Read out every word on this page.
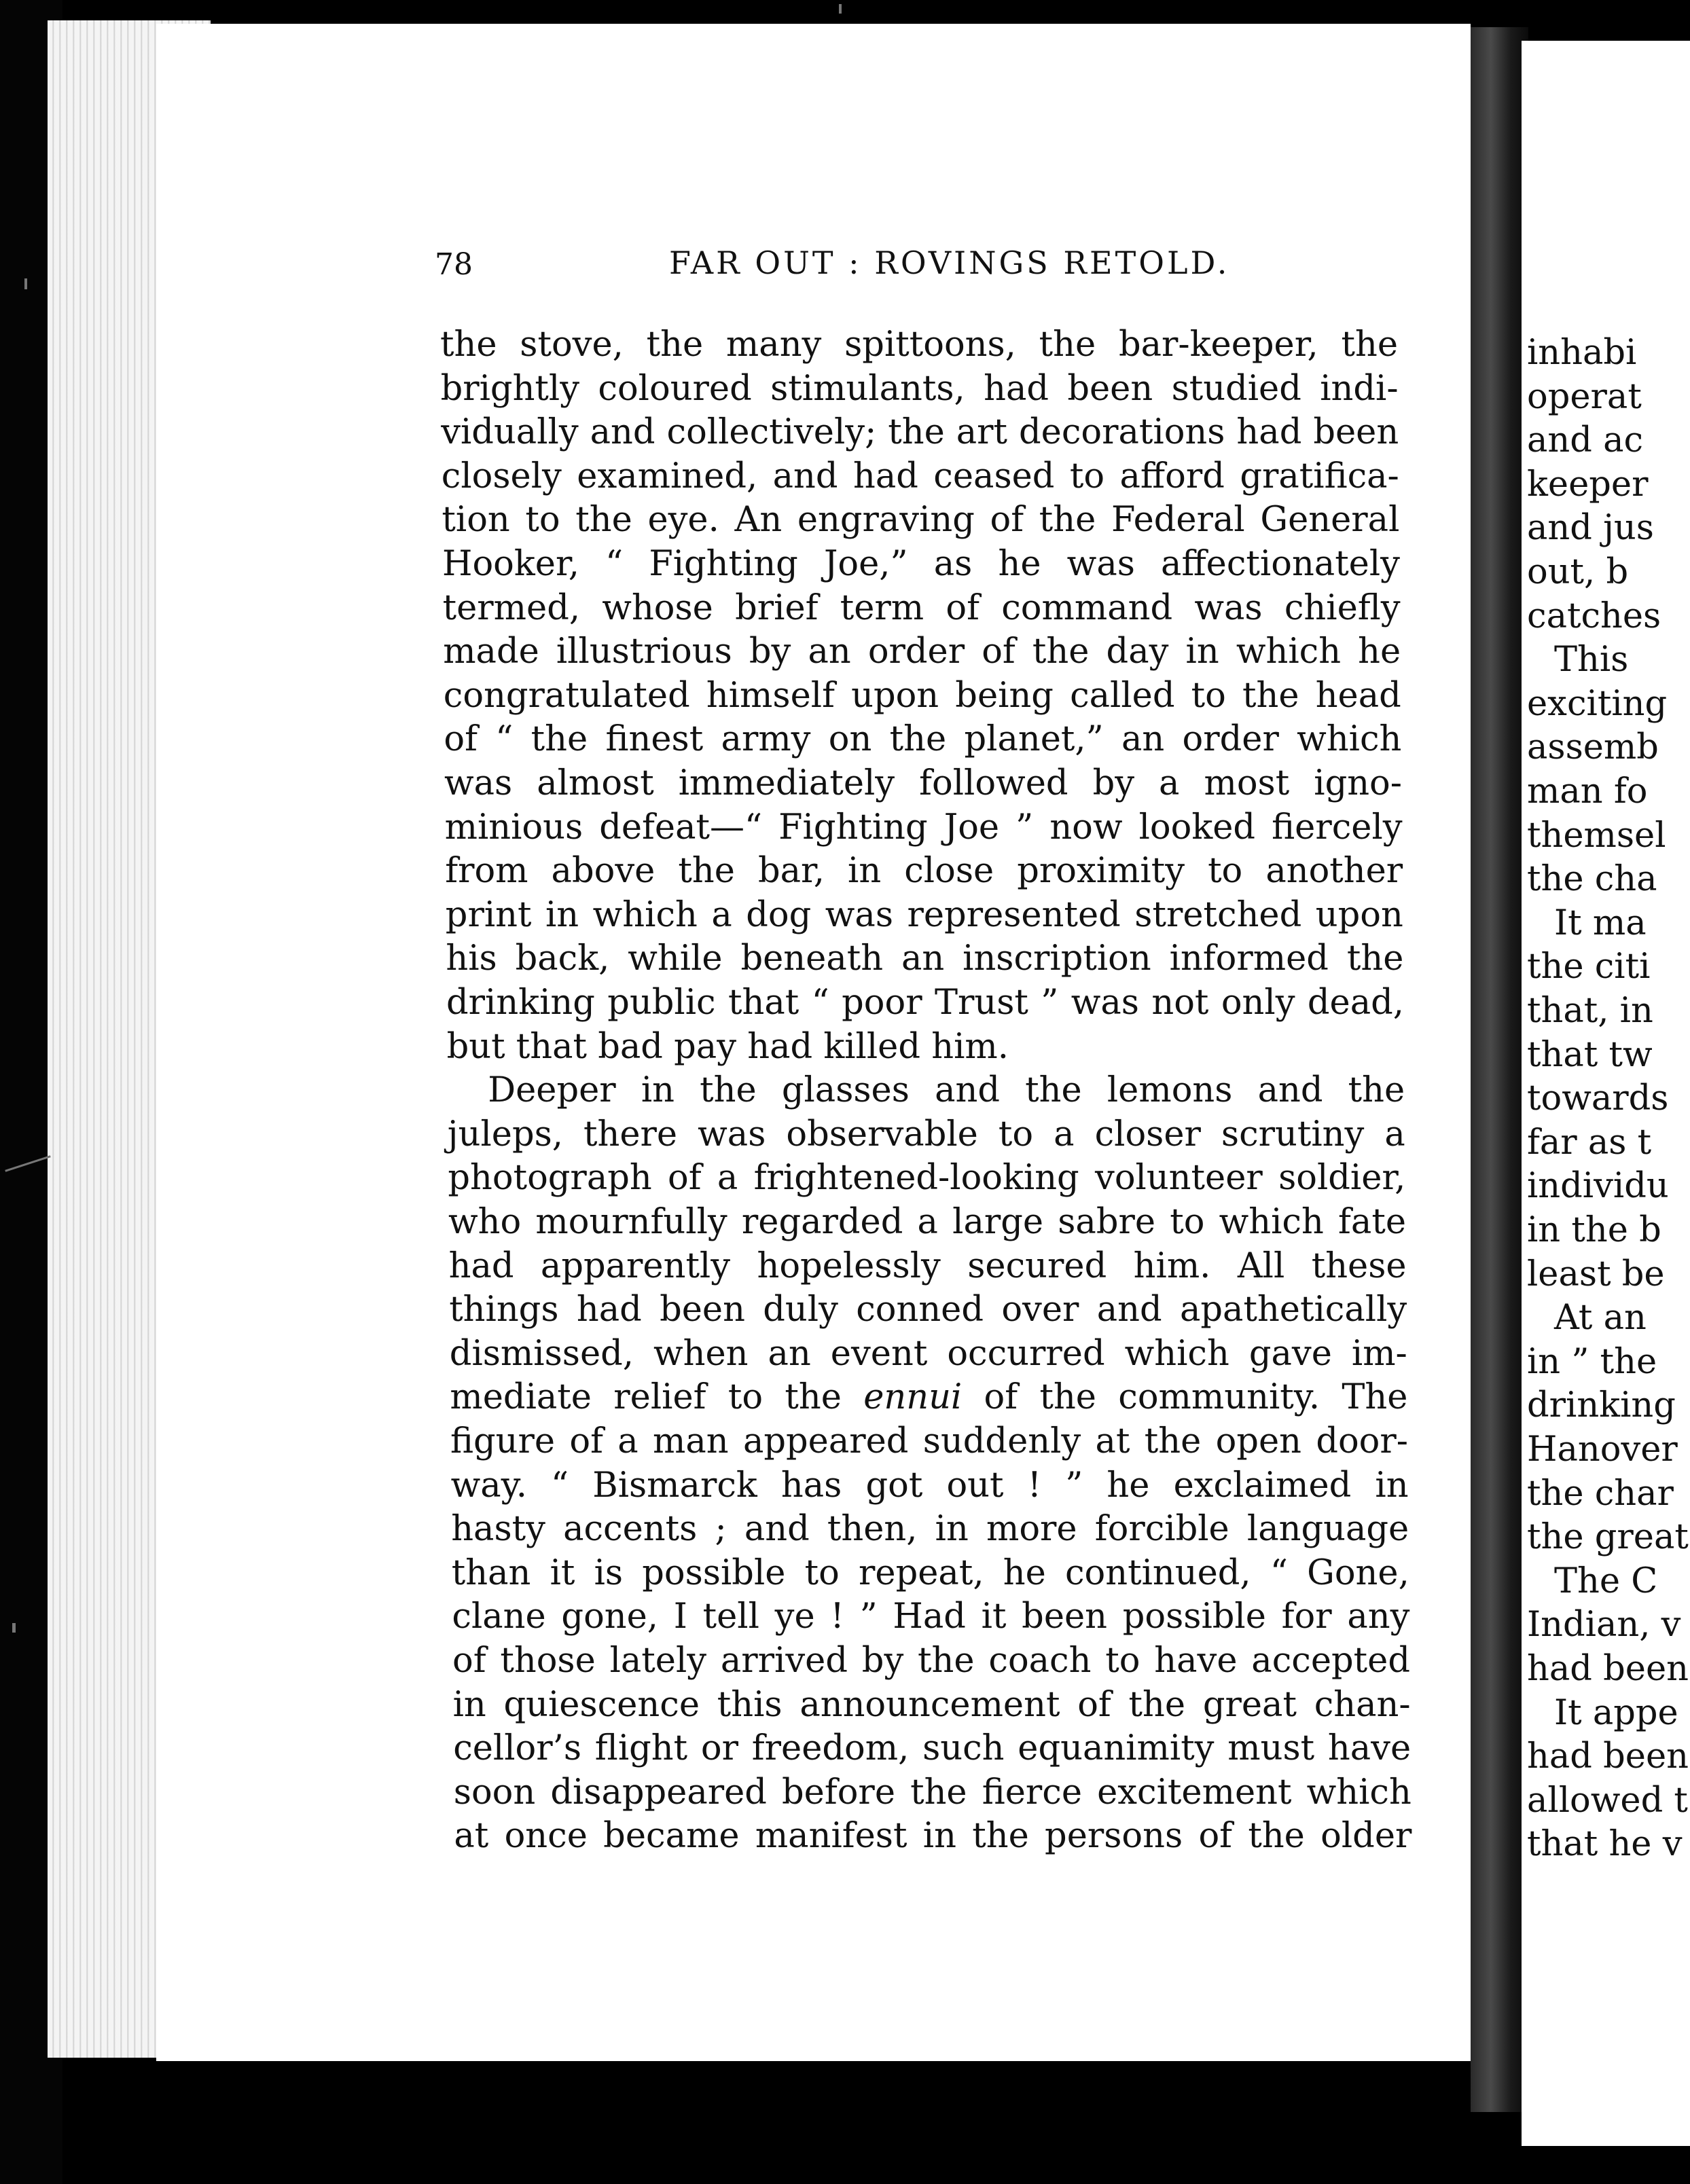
inhabi
operat
and ac
keeper
and jus
out, b
catches
This
exciting
assemb
man fo
themsel
the cha
It ma
the citi
that, in
that tw
towards
far as t
individu
in the b
least be
At an
in ” the
drinking
Hanover
the char
the great
The C
Indian, v
had been
It appe
had been
allowed t
that he v
78	FAR OUT : ROVINGS RETOLD.
the stove, the many spittoons, the bar-keeper, the
brightly coloured stimulants, had been studied indi-
vidually and collectively; the art decorations had been
closely examined, and had ceased to afford gratifica-
tion to the eye. An engraving of the Federal General
Hooker, “ Fighting Joe,” as he was affectionately
termed, whose brief term of command was chiefly
made illustrious by an order of the day in which he
congratulated himself upon being called to the head
of “ the finest army on the planet,” an order which
was almost immediately followed by a most igno-
minious defeat—“ Fighting Joe ” now looked fiercely
from above the bar, in close proximity to another
print in which a dog was represented stretched upon
his back, while beneath an inscription informed the
drinking public that “ poor Trust ” was not only dead,
but that bad pay had killed him.
Deeper in the glasses and the lemons and the
juleps, there was observable to a closer scrutiny a
photograph of a frightened-looking volunteer soldier,
who mournfully regarded a large sabre to which fate
had apparently hopelessly secured him. All these
things had been duly conned over and apathetically
dismissed, when an event occurred which gave im-
mediate relief to the ennui of the community. The
figure of a man appeared suddenly at the open door-
way. “ Bismarck has got out ! ” he exclaimed in
hasty accents ; and then, in more forcible language
than it is possible to repeat, he continued, “ Gone,
clane gone, I tell ye ! ” Had it been possible for any
of those lately arrived by the coach to have accepted
in quiescence this announcement of the great chan-
cellor’s flight or freedom, such equanimity must have
soon disappeared before the fierce excitement which
at once became manifest in the persons of the older
